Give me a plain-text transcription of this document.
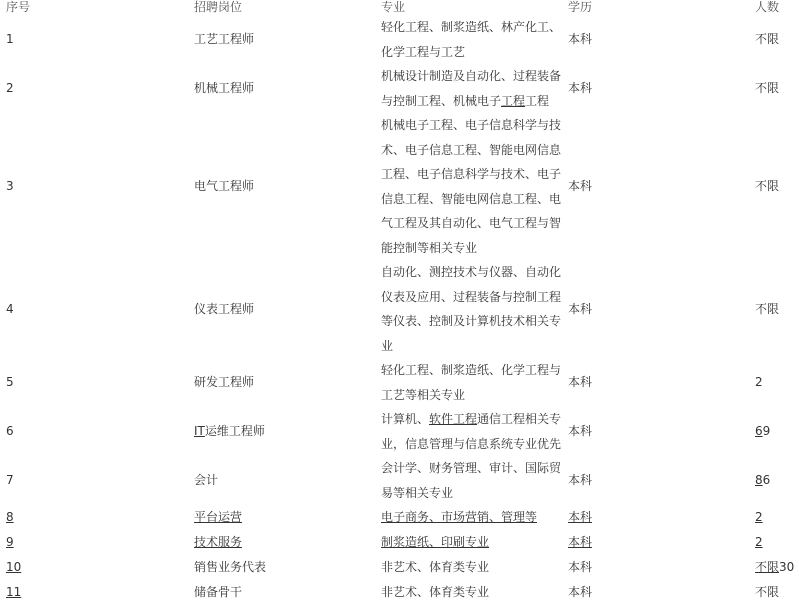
序号	招聘岗位	专业	学历	人数
1	工艺工程师	轻化工程、制浆造纸、林产化工、化学工程与工艺	本科	不限
2	机械工程师	机械设计制造及自动化、过程装备与控制工程、机械电子工程工程	本科	不限
3	电气工程师	机械电子工程、电子信息科学与技术、电子信息工程、智能电网信息工程、电子信息科学与技术、电子信息工程、智能电网信息工程、电气工程及其自动化、电气工程与智能控制等相关专业	本科	不限
4	仪表工程师	自动化、测控技术与仪器、自动化仪表及应用、过程装备与控制工程等仪表、控制及计算机技术相关专业	本科	不限
5	研发工程师	轻化工程、制浆造纸、化学工程与工艺等相关专业	本科	2
6	IT运维工程师	计算机、软件工程通信工程相关专业，信息管理与信息系统专业优先	本科	69
7	会计	会计学、财务管理、审计、国际贸易等相关专业	本科	86
8	平台运营	电子商务、市场营销、管理等	本科	2
9	技术服务	制浆造纸、印刷专业	本科	2
10	销售业务代表	非艺术、体育类专业	本科	不限30
11	储备骨干	非艺术、体育类专业	本科	不限
